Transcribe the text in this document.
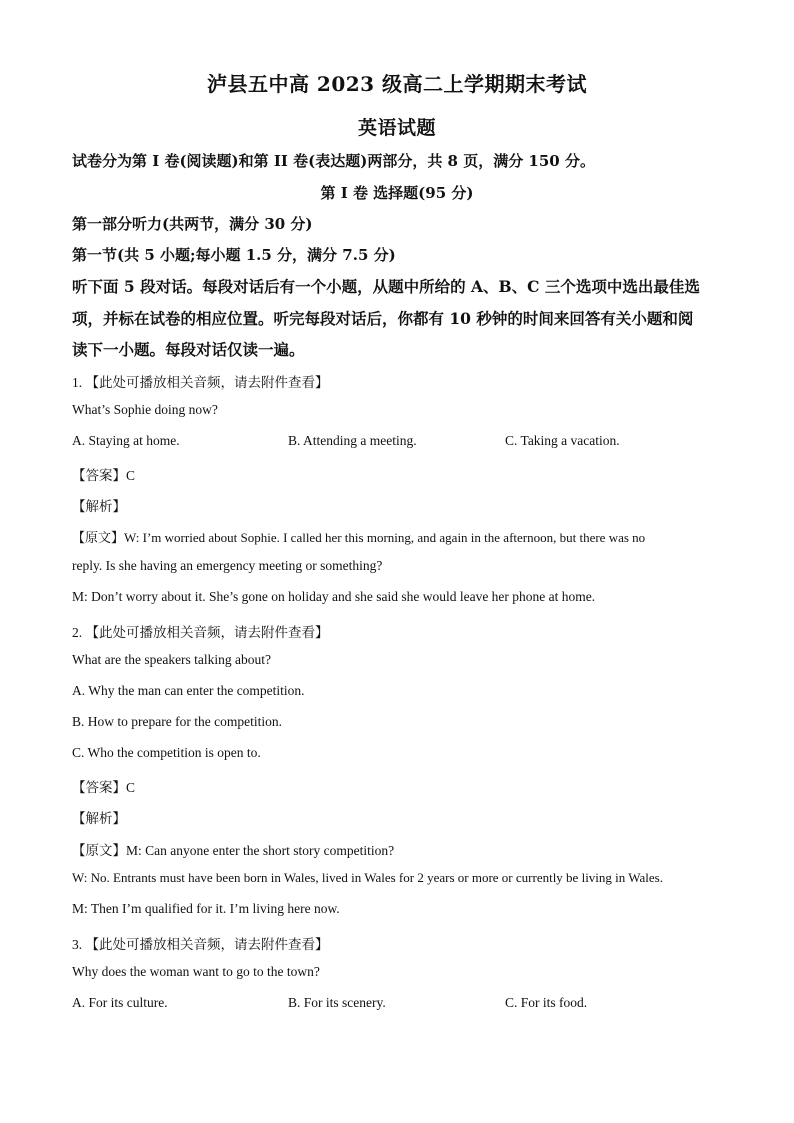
泸县五中高 2023 级高二上学期期末考试
英语试题
试卷分为第 I 卷(阅读题)和第 II 卷(表达题)两部分，共 8 页，满分 150 分。
第 I 卷 选择题(95 分)
第一部分听力(共两节，满分 30 分)
第一节(共 5 小题;每小题 1.5 分，满分 7.5 分)
听下面 5 段对话。每段对话后有一个小题，从题中所给的 A、B、C 三个选项中选出最佳选
项，并标在试卷的相应位置。听完每段对话后，你都有 10 秒钟的时间来回答有关小题和阅
读下一小题。每段对话仅读一遍。
1. 【此处可播放相关音频，请去附件查看】
What’s Sophie doing now?
A. Staying at home.	B. Attending a meeting.	C. Taking a vacation.
【答案】C
【解析】
【原文】W: I’m worried about Sophie. I called her this morning, and again in the afternoon, but there was no
reply. Is she having an emergency meeting or something?
M: Don’t worry about it. She’s gone on holiday and she said she would leave her phone at home.
2. 【此处可播放相关音频，请去附件查看】
What are the speakers talking about?
A. Why the man can enter the competition.
B. How to prepare for the competition.
C. Who the competition is open to.
【答案】C
【解析】
【原文】M: Can anyone enter the short story competition?
W: No. Entrants must have been born in Wales, lived in Wales for 2 years or more or currently be living in Wales.
M: Then I’m qualified for it. I’m living here now.
3. 【此处可播放相关音频，请去附件查看】
Why does the woman want to go to the town?
A. For its culture.	B. For its scenery.	C. For its food.
